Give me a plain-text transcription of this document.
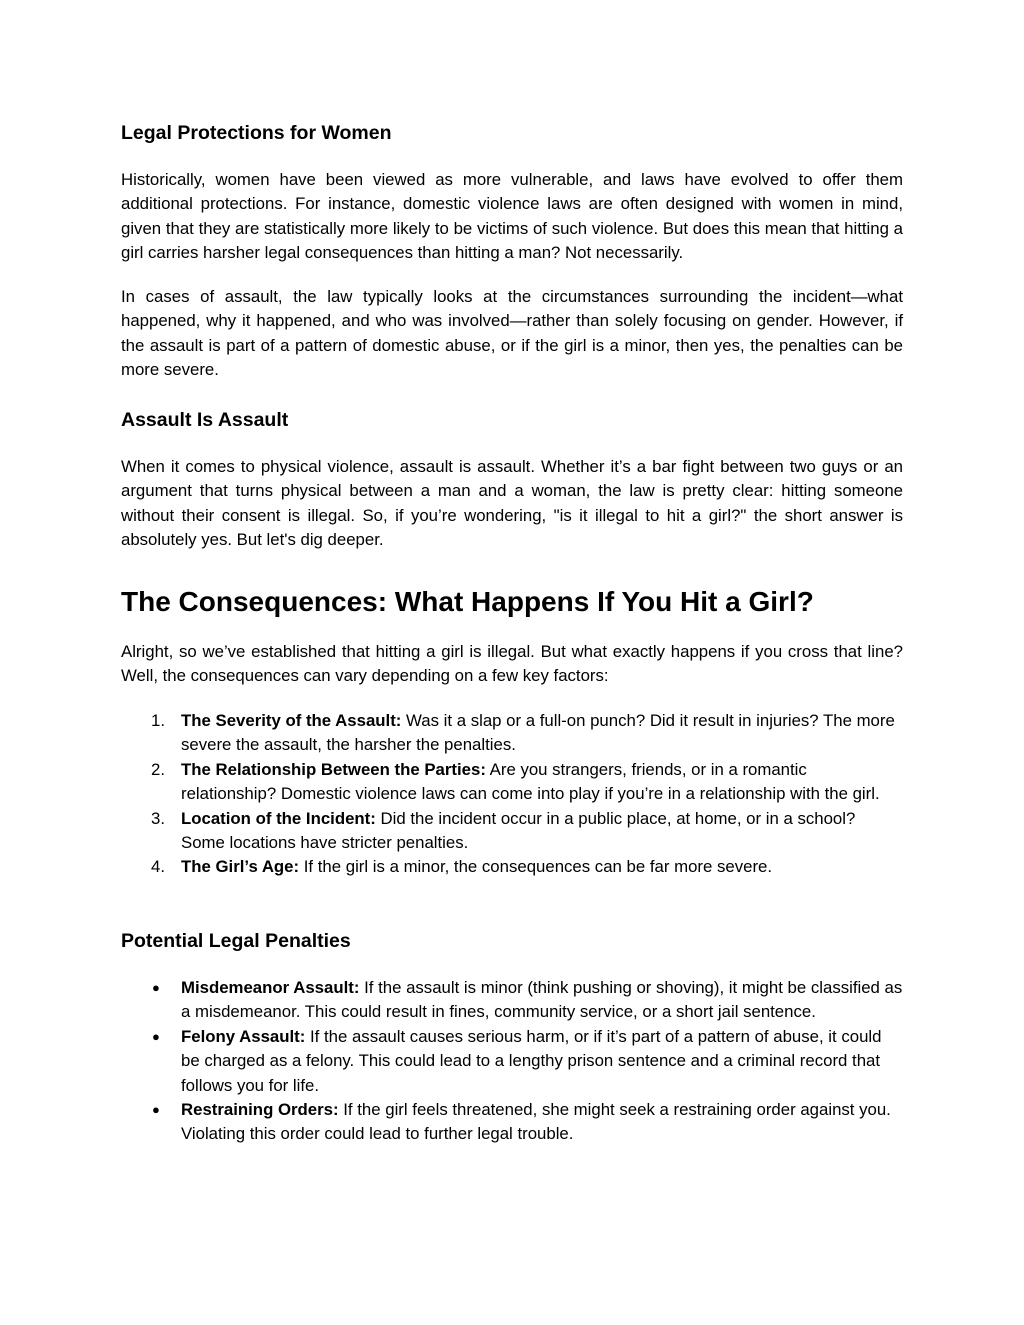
Legal Protections for Women

Historically, women have been viewed as more vulnerable, and laws have evolved to offer them additional protections. For instance, domestic violence laws are often designed with women in mind, given that they are statistically more likely to be victims of such violence. But does this mean that hitting a girl carries harsher legal consequences than hitting a man? Not necessarily.

In cases of assault, the law typically looks at the circumstances surrounding the incident—what happened, why it happened, and who was involved—rather than solely focusing on gender. However, if the assault is part of a pattern of domestic abuse, or if the girl is a minor, then yes, the penalties can be more severe.

Assault Is Assault

When it comes to physical violence, assault is assault. Whether it’s a bar fight between two guys or an argument that turns physical between a man and a woman, the law is pretty clear: hitting someone without their consent is illegal. So, if you’re wondering, "is it illegal to hit a girl?" the short answer is absolutely yes. But let's dig deeper.

The Consequences: What Happens If You Hit a Girl?

Alright, so we’ve established that hitting a girl is illegal. But what exactly happens if you cross that line? Well, the consequences can vary depending on a few key factors:

1. The Severity of the Assault: Was it a slap or a full-on punch? Did it result in injuries? The more severe the assault, the harsher the penalties.
2. The Relationship Between the Parties: Are you strangers, friends, or in a romantic relationship? Domestic violence laws can come into play if you’re in a relationship with the girl.
3. Location of the Incident: Did the incident occur in a public place, at home, or in a school? Some locations have stricter penalties.
4. The Girl’s Age: If the girl is a minor, the consequences can be far more severe.
Potential Legal Penalties
● Misdemeanor Assault: If the assault is minor (think pushing or shoving), it might be classified as a misdemeanor. This could result in fines, community service, or a short jail sentence.
● Felony Assault: If the assault causes serious harm, or if it’s part of a pattern of abuse, it could be charged as a felony. This could lead to a lengthy prison sentence and a criminal record that follows you for life.
● Restraining Orders: If the girl feels threatened, she might seek a restraining order against you. Violating this order could lead to further legal trouble.
